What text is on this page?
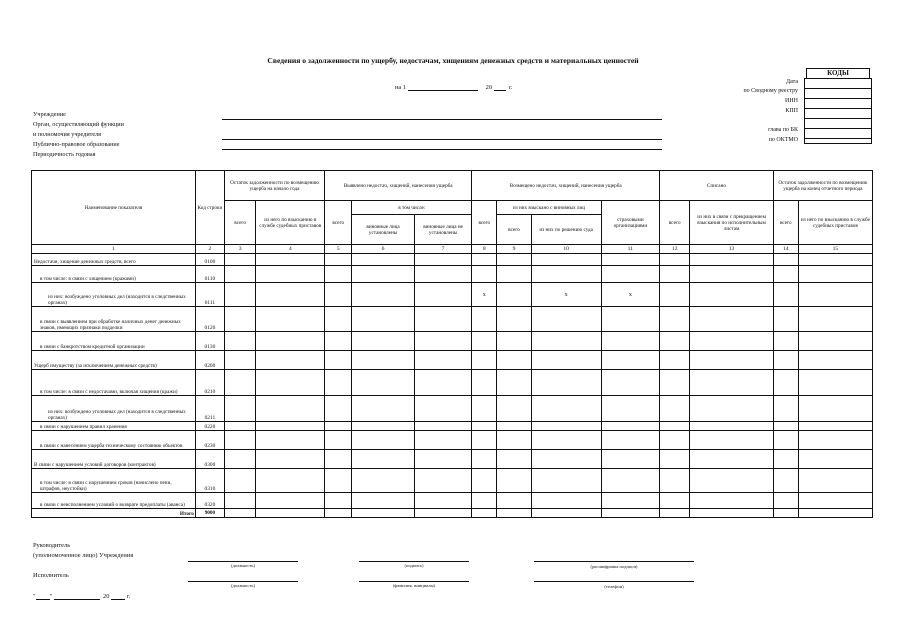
Сведения о задолженности по ущербу, недостачам, хищениям денежных средств и материальных ценностей
на 1	20	г.
КОДЫ
Дата
по Сводному реестру
ИНН
КПП
глава по БК
по ОКТМО
Учреждение
Орган, осуществляющий функции
и полномочия учредителя
Публично-правовое образование
Периодичность годовая
Наименование показателя	Код строки	Остаток задолженности по возмещению ущерба на начало года		Выявлено недостач, хищений, нанесения ущерба			Возмещено недостач, хищений, нанесения ущерба				Списано		Остаток задолженности по возмещению ущерба на конец отчетного периода	
		всего	из него по взысканию в службе судебных приставов	всего	в том числе:		всего	из них взыскано с виновных лиц		страховыми организациями	всего	из них в связи с прекращением взыскания по исполнительным листам	всего	из него по взысканию в службе судебных приставов
					виновные лица установлены	виновные лица не установлены		всего	из них по решению суда					
1	2	3	4	5	6	7	8	9	10	11	12	13	14	15
Недостачи, хищение денежных средств, всего	0100													
в том числе: в связи с хищением (кражами)	0110													
из них: возбуждено уголовных дел (находится в следственных органах)	0111						x		x	x				
в связи с выявлением при обработке наличных денег денежных знаков, имеющих признаки подделки	0120													
в связи с банкротством кредитной организации	0130													
Ущерб имуществу (за исключением денежных средств)	0200													
в том числе: в связи с недостачами, включая хищения (кражи)	0210													
из них: возбуждено уголовных дел (находится в следственных органах)	0211													
в связи с нарушением правил хранения	0220													
в связи с нанесением ущерба техническому состоянию объектов	0230													
В связи с нарушением условий договоров (контрактов)	0300													
в том числе: в связи с нарушением сроков (начислено пени, штрафов, неустойки)	0310													
в связи с неисполнением условий о возврате предоплаты (аванса)	0320													
Итого	9000													
Руководитель
(уполномоченное лицо) Учреждения
(должность)	(подпись)	(расшифровка подписи)
Исполнитель
(должность)	(фамилия, инициалы)	(телефон)
" "	20	г.
